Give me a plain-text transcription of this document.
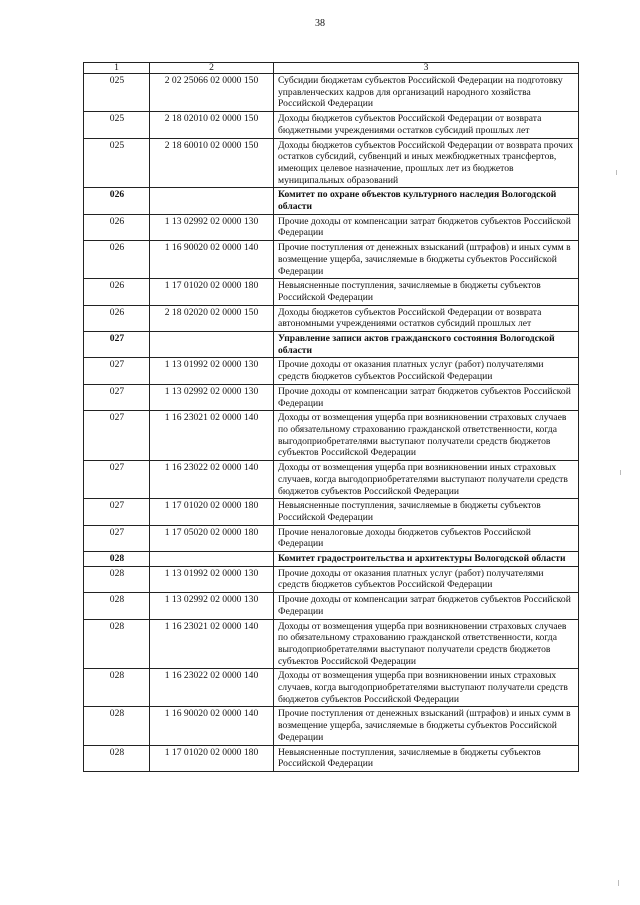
38
1	2	3
025	2 02 25066 02 0000 150	Субсидии бюджетам субъектов Российской Федерации на подготовку управленческих кадров для организаций народного хозяйства Российской Федерации
025	2 18 02010 02 0000 150	Доходы бюджетов субъектов Российской Федерации от возврата бюджетными учреждениями остатков субсидий прошлых лет
025	2 18 60010 02 0000 150	Доходы бюджетов субъектов Российской Федерации от возврата прочих остатков субсидий, субвенций и иных межбюджетных трансфертов, имеющих целевое назначение, прошлых лет из бюджетов муниципальных образований
026		Комитет по охране объектов культурного наследия Вологодской области
026	1 13 02992 02 0000 130	Прочие доходы от компенсации затрат бюджетов субъектов Российской Федерации
026	1 16 90020 02 0000 140	Прочие поступления от денежных взысканий (штрафов) и иных сумм в возмещение ущерба, зачисляемые в бюджеты субъектов Российской Федерации
026	1 17 01020 02 0000 180	Невыясненные поступления, зачисляемые в бюджеты субъектов Российской Федерации
026	2 18 02020 02 0000 150	Доходы бюджетов субъектов Российской Федерации от возврата автономными учреждениями остатков субсидий прошлых лет
027		Управление записи актов гражданского состояния Вологодской области
027	1 13 01992 02 0000 130	Прочие доходы от оказания платных услуг (работ) получателями средств бюджетов субъектов Российской Федерации
027	1 13 02992 02 0000 130	Прочие доходы от компенсации затрат бюджетов субъектов Российской Федерации
027	1 16 23021 02 0000 140	Доходы от возмещения ущерба при возникновении страховых случаев по обязательному страхованию гражданской ответственности, когда выгодоприобретателями выступают получатели средств бюджетов субъектов Российской Федерации
027	1 16 23022 02 0000 140	Доходы от возмещения ущерба при возникновении иных страховых случаев, когда выгодоприобретателями выступают получатели средств бюджетов субъектов Российской Федерации
027	1 17 01020 02 0000 180	Невыясненные поступления, зачисляемые в бюджеты субъектов Российской Федерации
027	1 17 05020 02 0000 180	Прочие неналоговые доходы бюджетов субъектов Российской Федерации
028		Комитет градостроительства и архитектуры Вологодской области
028	1 13 01992 02 0000 130	Прочие доходы от оказания платных услуг (работ) получателями средств бюджетов субъектов Российской Федерации
028	1 13 02992 02 0000 130	Прочие доходы от компенсации затрат бюджетов субъектов Российской Федерации
028	1 16 23021 02 0000 140	Доходы от возмещения ущерба при возникновении страховых случаев по обязательному страхованию гражданской ответственности, когда выгодоприобретателями выступают получатели средств бюджетов субъектов Российской Федерации
028	1 16 23022 02 0000 140	Доходы от возмещения ущерба при возникновении иных страховых случаев, когда выгодоприобретателями выступают получатели средств бюджетов субъектов Российской Федерации
028	1 16 90020 02 0000 140	Прочие поступления от денежных взысканий (штрафов) и иных сумм в возмещение ущерба, зачисляемые в бюджеты субъектов Российской Федерации
028	1 17 01020 02 0000 180	Невыясненные поступления, зачисляемые в бюджеты субъектов Российской Федерации
